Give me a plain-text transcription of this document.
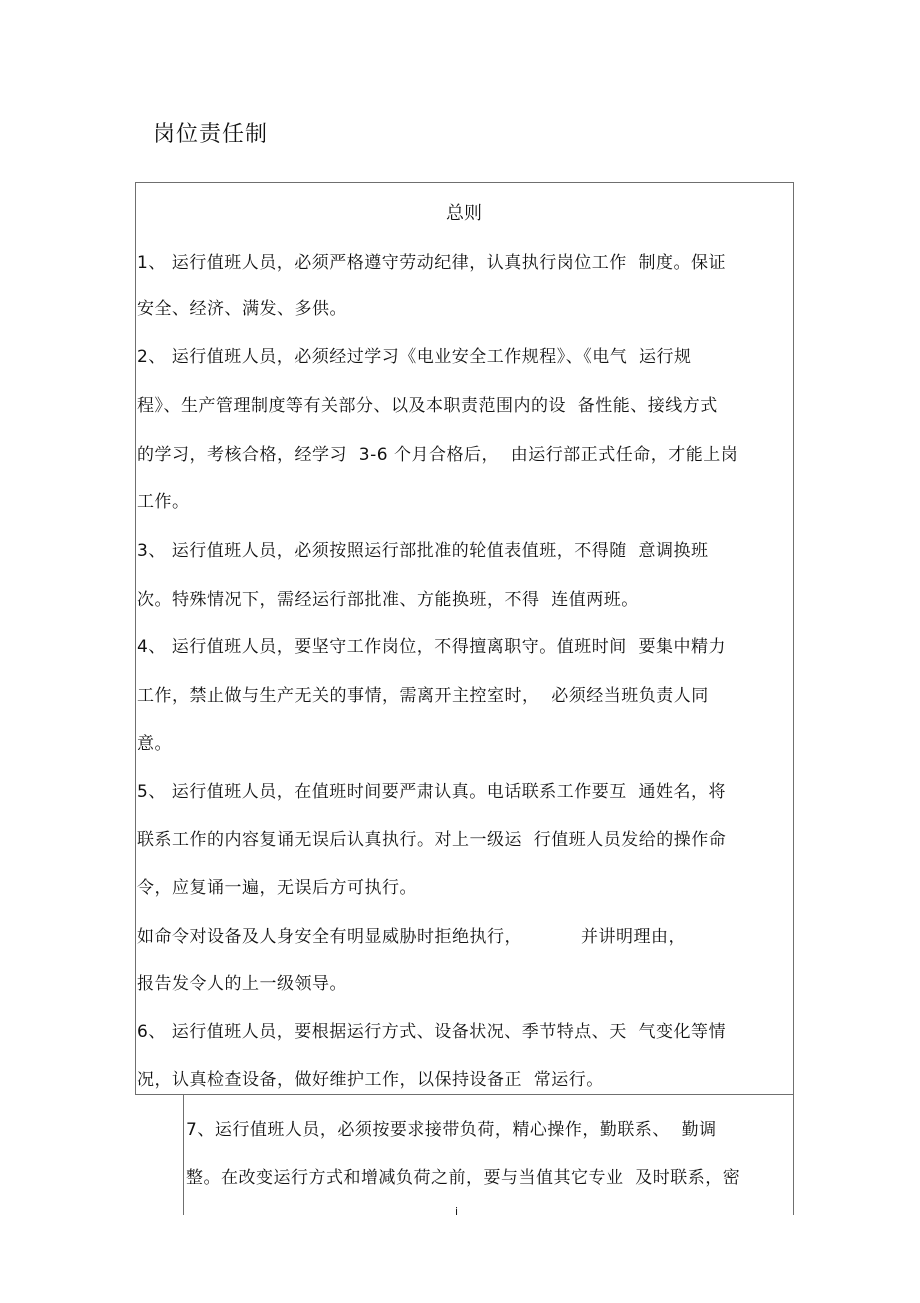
岗位责任制
总则
1、 运行值班人员，必须严格遵守劳动纪律，认真执行岗位工作  制度。保证
安全、经济、满发、多供。
2、 运行值班人员，必须经过学习《电业安全工作规程》、《电气  运行规
程》、生产管理制度等有关部分、以及本职责范围内的设  备性能、接线方式
的学习，考核合格，经学习  3-6 个月合格后，  由运行部正式任命，才能上岗
工作。
3、 运行值班人员，必须按照运行部批准的轮值表值班，不得随  意调换班
次。特殊情况下，需经运行部批准、方能换班，不得  连值两班。
4、 运行值班人员，要坚守工作岗位，不得擅离职守。值班时间  要集中精力
工作，禁止做与生产无关的事情，需离开主控室时，  必须经当班负责人同
意。
5、 运行值班人员，在值班时间要严肃认真。电话联系工作要互  通姓名，将
联系工作的内容复诵无误后认真执行。对上一级运  行值班人员发给的操作命
令，应复诵一遍，无误后方可执行。
如命令对设备及人身安全有明显威胁时拒绝执行，          并讲明理由，
报告发令人的上一级领导。
6、 运行值班人员，要根据运行方式、设备状况、季节特点、天  气变化等情
况，认真检查设备，做好维护工作，以保持设备正  常运行。
7、运行值班人员，必须按要求接带负荷，精心操作，勤联系、  勤调
整。在改变运行方式和增减负荷之前，要与当值其它专业  及时联系，密
i
